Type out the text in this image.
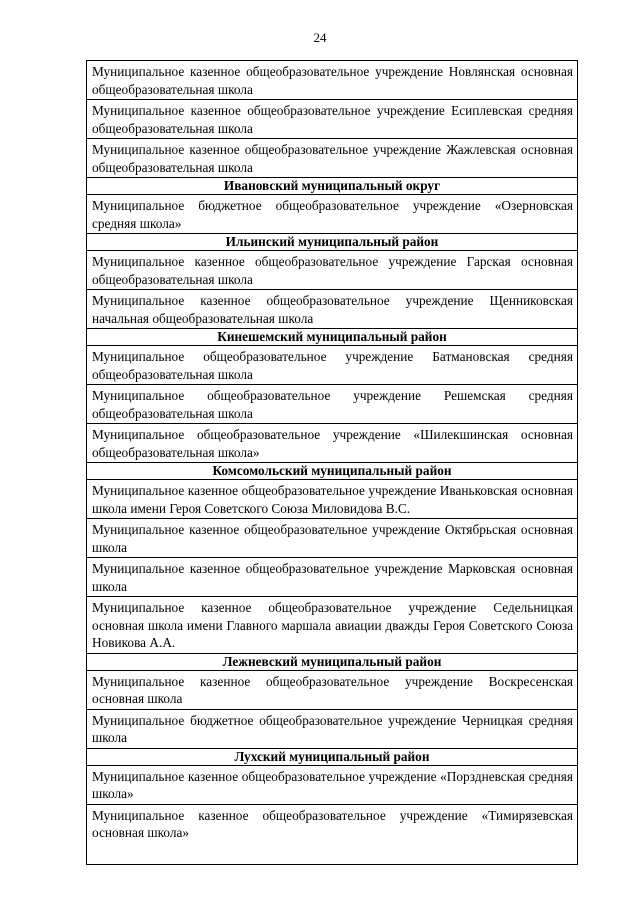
24
Муниципальное казенное общеобразовательное учреждение Новлянская основная общеобразовательная школа
Муниципальное казенное общеобразовательное учреждение Есиплевская средняя общеобразовательная школа
Муниципальное казенное общеобразовательное учреждение Жажлевская основная общеобразовательная школа
Ивановский муниципальный округ
Муниципальное бюджетное общеобразовательное учреждение «Озерновская средняя школа»
Ильинский муниципальный район
Муниципальное казенное общеобразовательное учреждение Гарская основная общеобразовательная школа
Муниципальное казенное общеобразовательное учреждение Щенниковская начальная общеобразовательная школа
Кинешемский муниципальный район
Муниципальное общеобразовательное учреждение Батмановская средняя общеобразовательная школа
Муниципальное общеобразовательное учреждение Решемская средняя общеобразовательная школа
Муниципальное общеобразовательное учреждение «Шилекшинская основная общеобразовательная школа»
Комсомольский муниципальный район
Муниципальное казенное общеобразовательное учреждение Иваньковская основная школа имени Героя Советского Союза Миловидова В.С.
Муниципальное казенное общеобразовательное учреждение Октябрьская основная школа
Муниципальное казенное общеобразовательное учреждение Марковская основная школа
Муниципальное казенное общеобразовательное учреждение Седельницкая основная школа имени Главного маршала авиации дважды Героя Советского Союза Новикова А.А.
Лежневский муниципальный район
Муниципальное казенное общеобразовательное учреждение Воскресенская основная школа
Муниципальное бюджетное общеобразовательное учреждение Черницкая средняя школа
Лухский муниципальный район
Муниципальное казенное общеобразовательное учреждение «Порздневская средняя школа»
Муниципальное казенное общеобразовательное учреждение «Тимирязевская основная школа»
